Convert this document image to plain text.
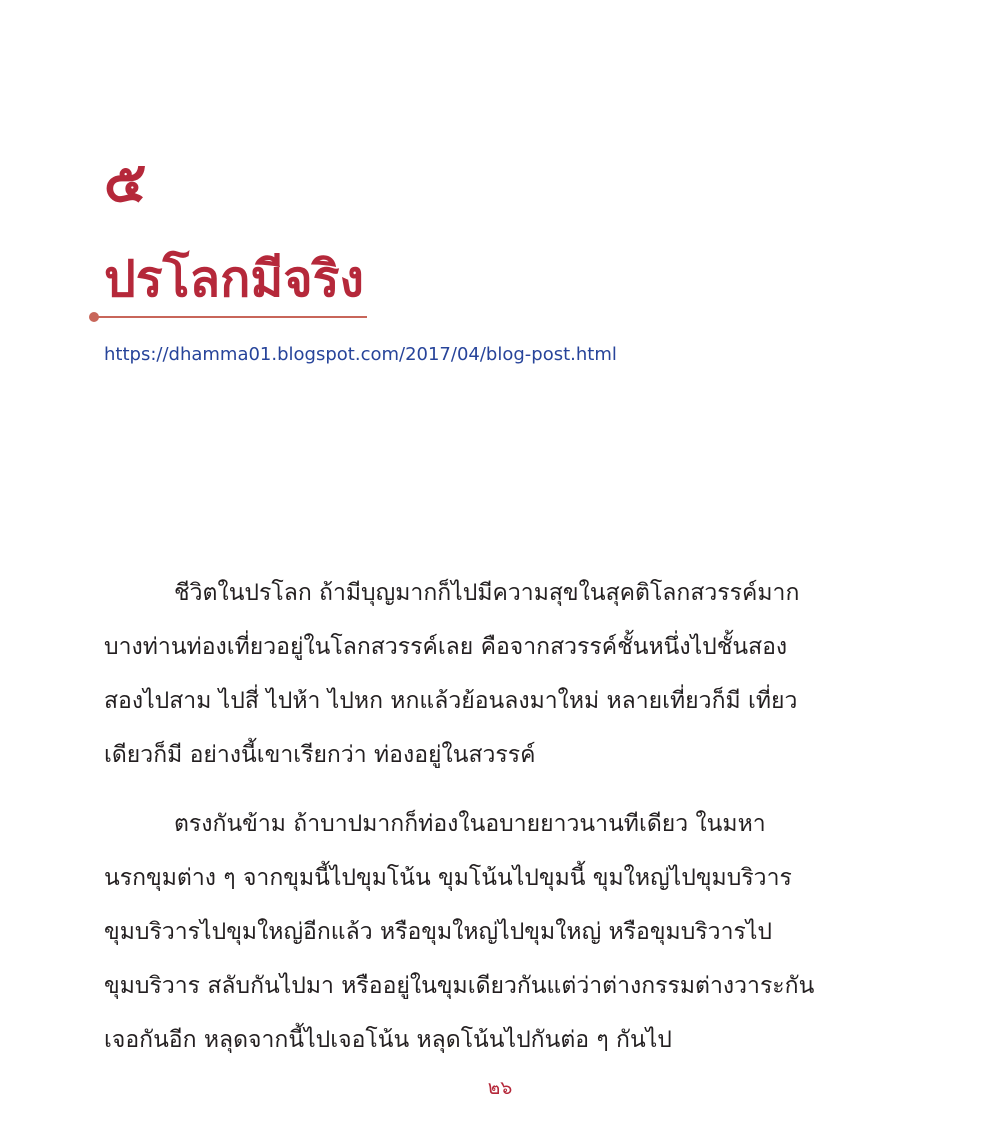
๕
ปรโลกมีจริง
https://dhamma01.blogspot.com/2017/04/blog-post.html
ชีวิตในปรโลก ถ้ามีบุญมากก็ไปมีความสุขในสุคติโลกสวรรค์มาก
บางท่านท่องเที่ยวอยู่ในโลกสวรรค์เลย คือจากสวรรค์ชั้นหนึ่งไปชั้นสอง
สองไปสาม ไปสี่ ไปห้า ไปหก หกแล้วย้อนลงมาใหม่ หลายเที่ยวก็มี เที่ยว
เดียวก็มี อย่างนี้เขาเรียกว่า ท่องอยู่ในสวรรค์
ตรงกันข้าม ถ้าบาปมากก็ท่องในอบายยาวนานทีเดียว ในมหา
นรกขุมต่าง ๆ จากขุมนี้ไปขุมโน้น ขุมโน้นไปขุมนี้ ขุมใหญ่ไปขุมบริวาร
ขุมบริวารไปขุมใหญ่อีกแล้ว หรือขุมใหญ่ไปขุมใหญ่ หรือขุมบริวารไป
ขุมบริวาร สลับกันไปมา หรืออยู่ในขุมเดียวกันแต่ว่าต่างกรรมต่างวาระกัน
เจอกันอีก หลุดจากนี้ไปเจอโน้น หลุดโน้นไปกันต่อ ๆ กันไป
๒๖
